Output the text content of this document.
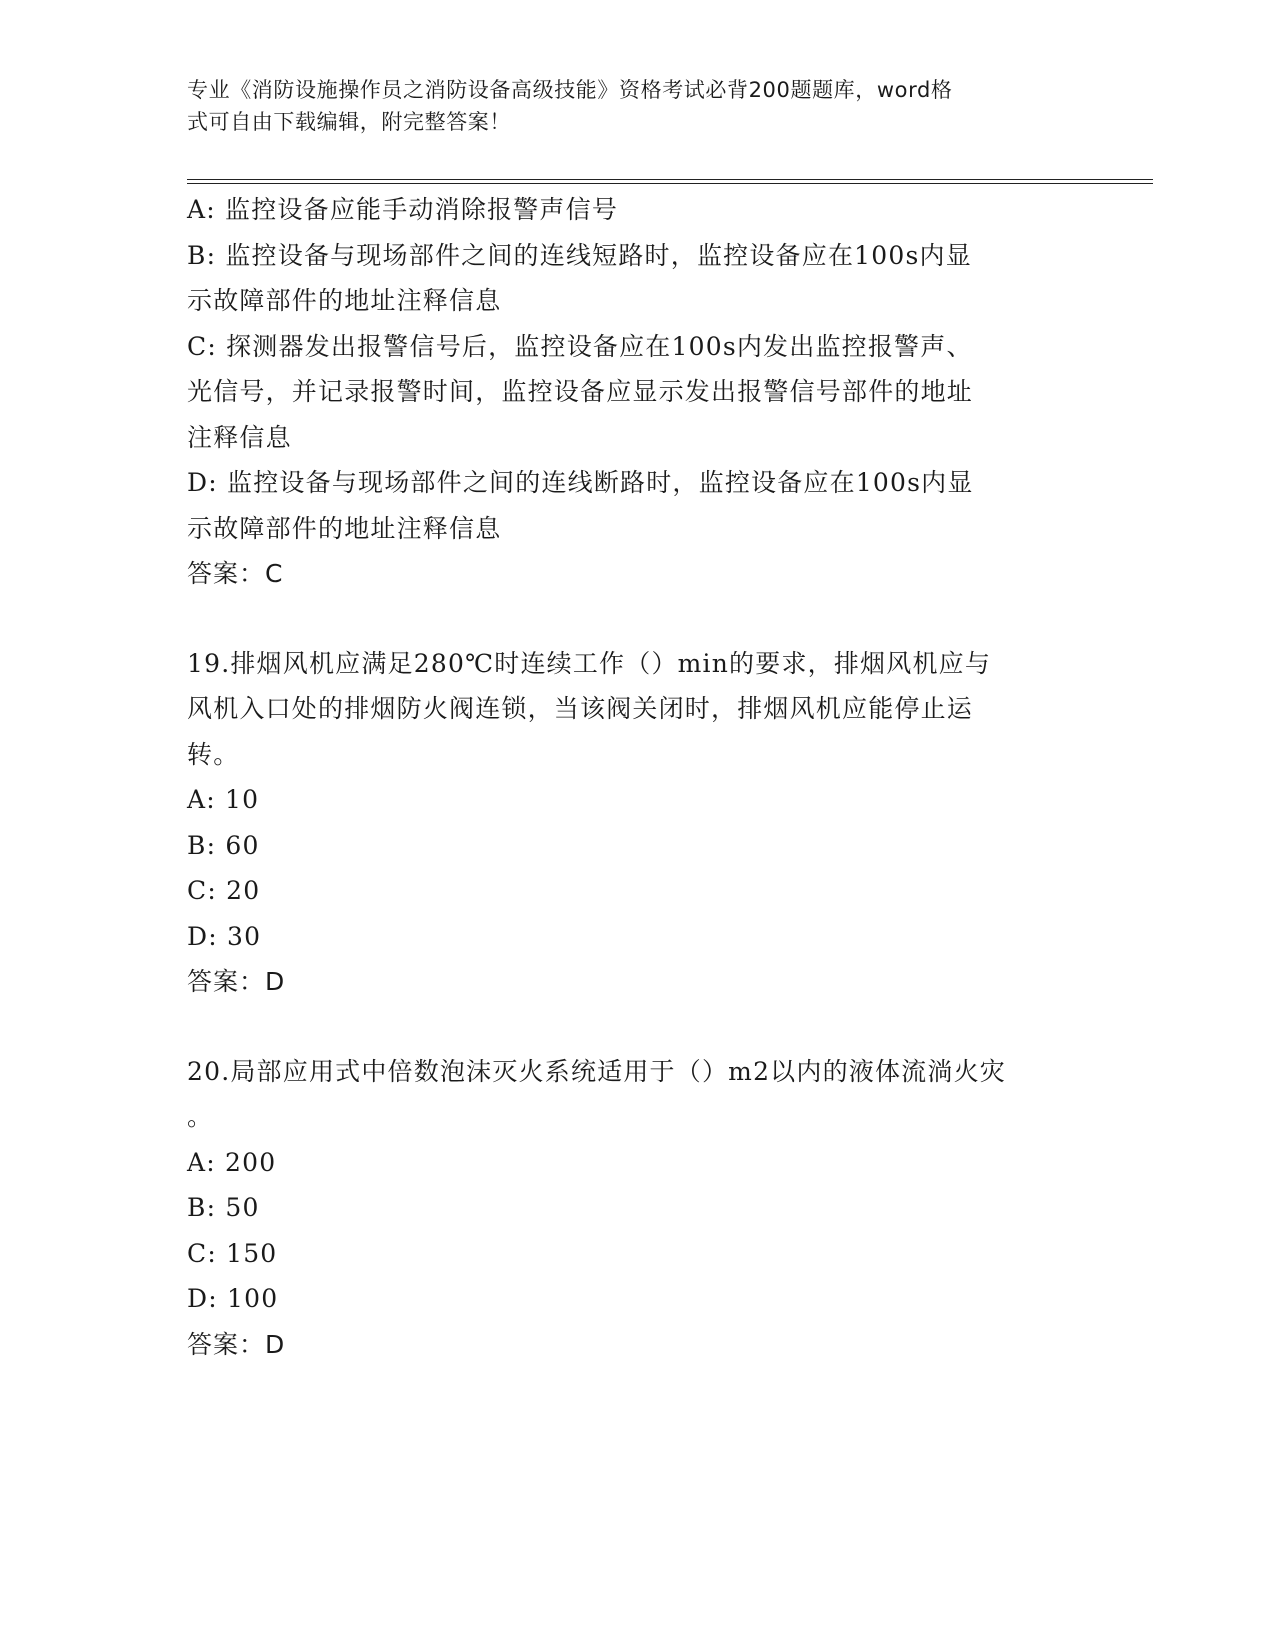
专业《消防设施操作员之消防设备高级技能》资格考试必背200题题库，word格
式可自由下载编辑，附完整答案！

A: 监控设备应能手动消除报警声信号

B: 监控设备与现场部件之间的连线短路时，监控设备应在100s内显

示故障部件的地址注释信息

C: 探测器发出报警信号后，监控设备应在100s内发出监控报警声、

光信号，并记录报警时间，监控设备应显示发出报警信号部件的地址

注释信息

D: 监控设备与现场部件之间的连线断路时，监控设备应在100s内显

示故障部件的地址注释信息

答案：C

19.排烟风机应满足280℃时连续工作（）min的要求，排烟风机应与

风机入口处的排烟防火阀连锁，当该阀关闭时，排烟风机应能停止运

转。

A: 10

B: 60

C: 20

D: 30

答案：D

20.局部应用式中倍数泡沫灭火系统适用于（）m2以内的液体流淌火灾

。

A: 200

B: 50

C: 150

D: 100

答案：D
